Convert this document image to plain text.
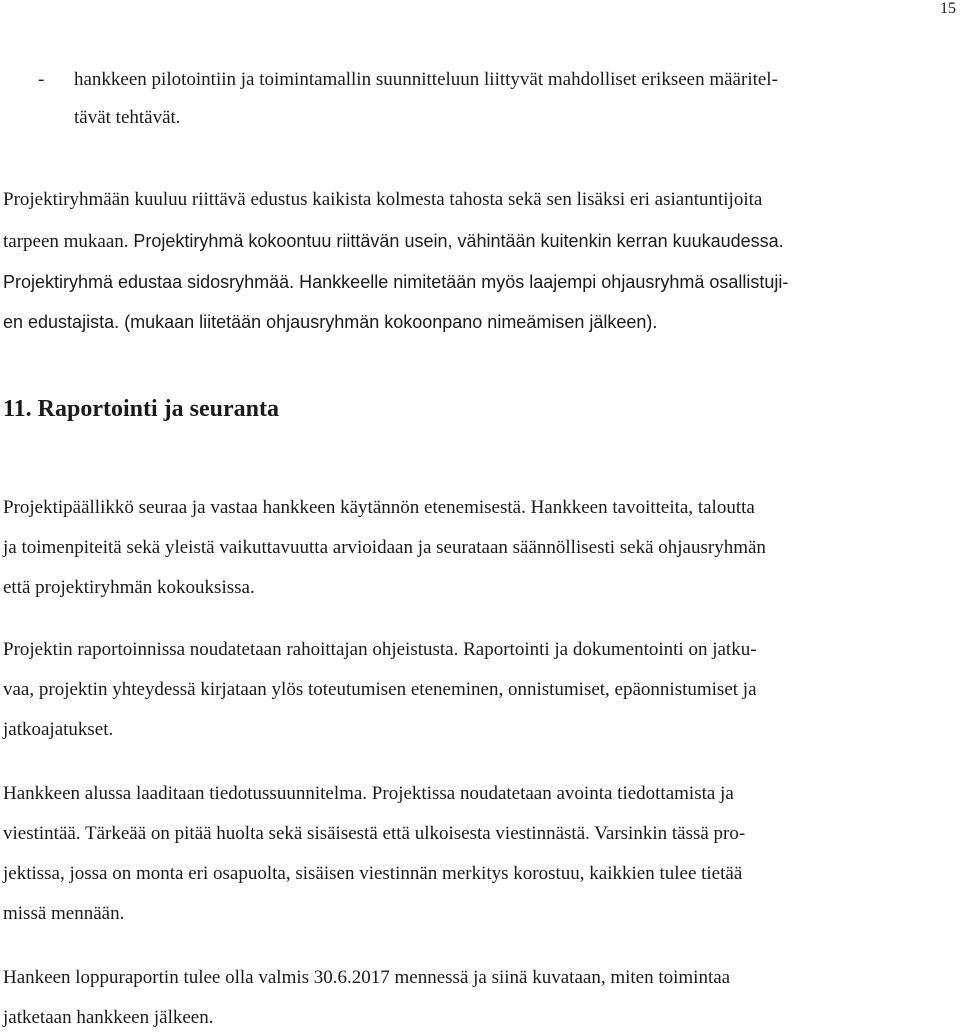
15
- hankkeen pilotointiin ja toimintamallin suunnitteluun liittyvät mahdolliset erikseen määritel-
tävät tehtävät.
Projektiryhmään kuuluu riittävä edustus kaikista kolmesta tahosta sekä sen lisäksi eri asiantuntijoita
tarpeen mukaan. Projektiryhmä kokoontuu riittävän usein, vähintään kuitenkin kerran kuukaudessa.
Projektiryhmä edustaa sidosryhmää. Hankkeelle nimitetään myös laajempi ohjausryhmä osallistuji-
en edustajista. (mukaan liitetään ohjausryhmän kokoonpano nimeämisen jälkeen).
11. Raportointi ja seuranta
Projektipäällikkö seuraa ja vastaa hankkeen käytännön etenemisestä. Hankkeen tavoitteita, taloutta
ja toimenpiteitä sekä yleistä vaikuttavuutta arvioidaan ja seurataan säännöllisesti sekä ohjausryhmän
että projektiryhmän kokouksissa.
Projektin raportoinnissa noudatetaan rahoittajan ohjeistusta. Raportointi ja dokumentointi on jatku-
vaa, projektin yhteydessä kirjataan ylös toteutumisen eteneminen, onnistumiset, epäonnistumiset ja
jatkoajatukset.
Hankkeen alussa laaditaan tiedotussuunnitelma. Projektissa noudatetaan avointa tiedottamista ja
viestintää. Tärkeää on pitää huolta sekä sisäisestä että ulkoisesta viestinnästä. Varsinkin tässä pro-
jektissa, jossa on monta eri osapuolta, sisäisen viestinnän merkitys korostuu, kaikkien tulee tietää
missä mennään.
Hankeen loppuraportin tulee olla valmis 30.6.2017 mennessä ja siinä kuvataan, miten toimintaa
jatketaan hankkeen jälkeen.
